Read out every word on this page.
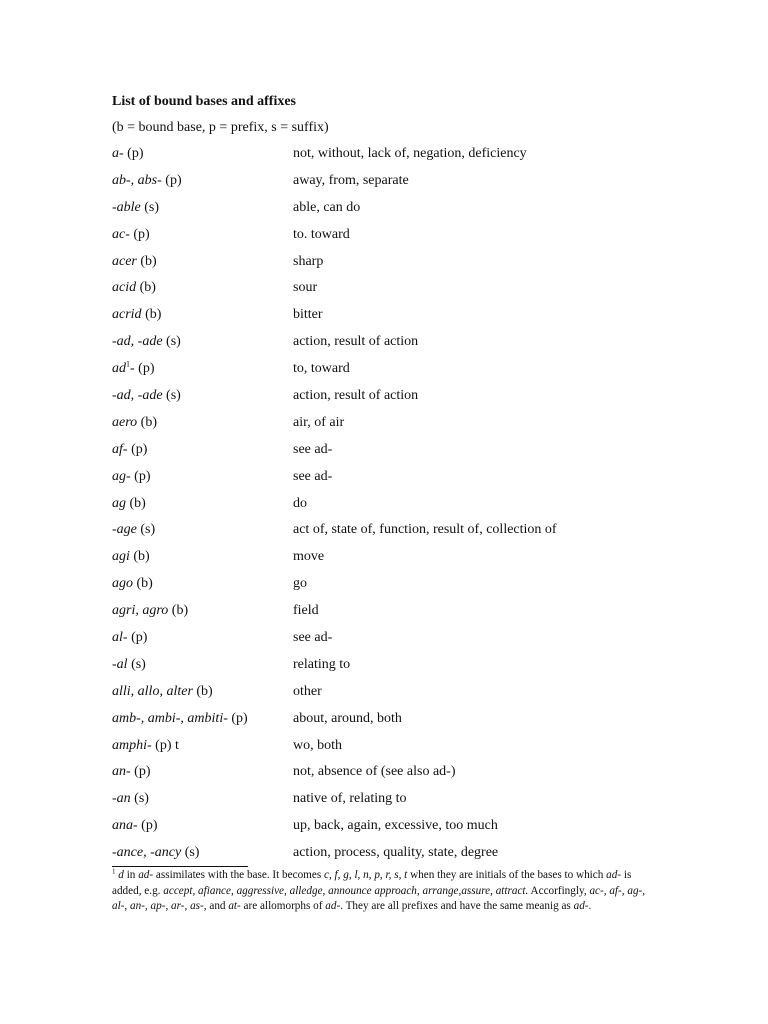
List of bound bases and affixes
(b = bound base, p = prefix, s = suffix)
a- (p)	not, without, lack of, negation, deficiency
ab-, abs- (p)	away, from, separate
-able (s)	able, can do
ac- (p)	to. toward
acer (b)	sharp
acid (b)	sour
acrid (b)	bitter
-ad, -ade (s)	action, result of action
$ad^1-$ (p)	to, toward
-ad, -ade (s)	action, result of action
aero (b)	air, of air
af- (p)	see ad-
ag- (p)	see ad-
ag (b)	do
-age (s)	act of, state of, function, result of, collection of
agi (b)	move
ago (b)	go
agri, agro (b)	field
al- (p)	see ad-
-al (s)	relating to
alli, allo, alter (b)	other
amb-, ambi-, ambiti- (p)	about, around, both
amphi- (p) t	wo, both
an- (p)	not, absence of (see also ad-)
-an (s)	native of, relating to
ana- (p)	up, back, again, excessive, too much
-ance, -ancy (s)	action, process, quality, state, degree
$^1$ d in ad- assimilates with the base. It becomes c, f, g, l, n, p, r, s, t when they are initials of the bases to which ad- is added, e.g. accept, afiance, aggressive, alledge, announce approach, arrange,assure, attract. Accorfingly, ac-, af-, ag-, al-, an-, ap-, ar-, as-, and at- are allomorphs of ad-. They are all prefixes and have the same meanig as ad-.
